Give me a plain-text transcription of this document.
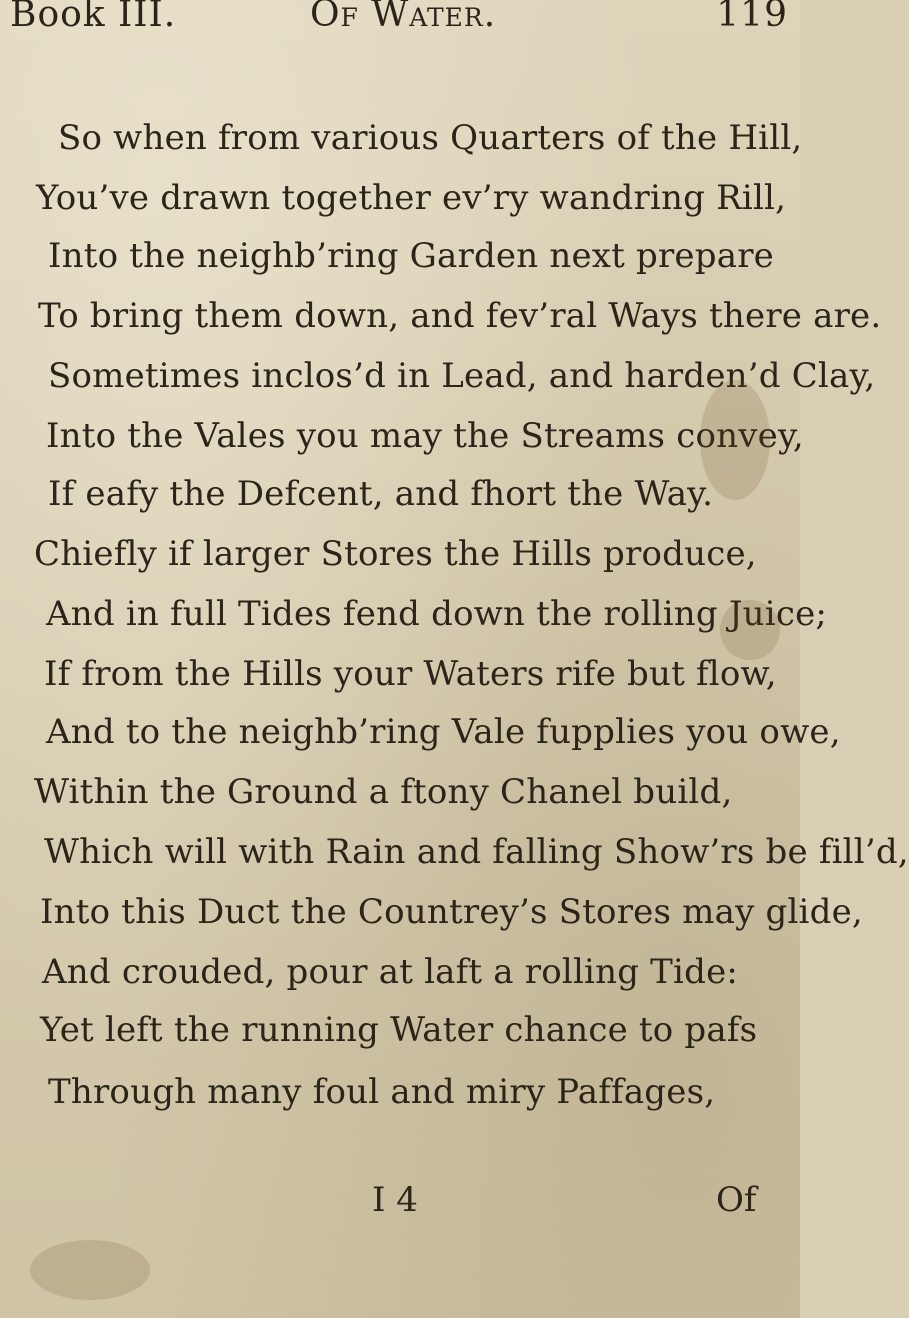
Book III.	Of Water.	119
So when from various Quarters of the Hill,
You’ve drawn together ev’ry wandring Rill,
Into the neighb’ring Garden next prepare
To bring them down, and fev’ral Ways there are.
Sometimes inclos’d in Lead, and harden’d Clay,
Into the Vales you may the Streams convey,
If eafy the Defcent, and fhort the Way.
Chiefly if larger Stores the Hills produce,
And in full Tides fend down the rolling Juice;
If from the Hills your Waters rife but flow,
And to the neighb’ring Vale fupplies you owe,
Within the Ground a ftony Chanel build,
Which will with Rain and falling Show’rs be fill’d,
Into this Duct the Countrey’s Stores may glide,
And crouded, pour at laft a rolling Tide:
Yet left the running Water chance to pafs
Through many foul and miry Paffages,
I 4	Of
